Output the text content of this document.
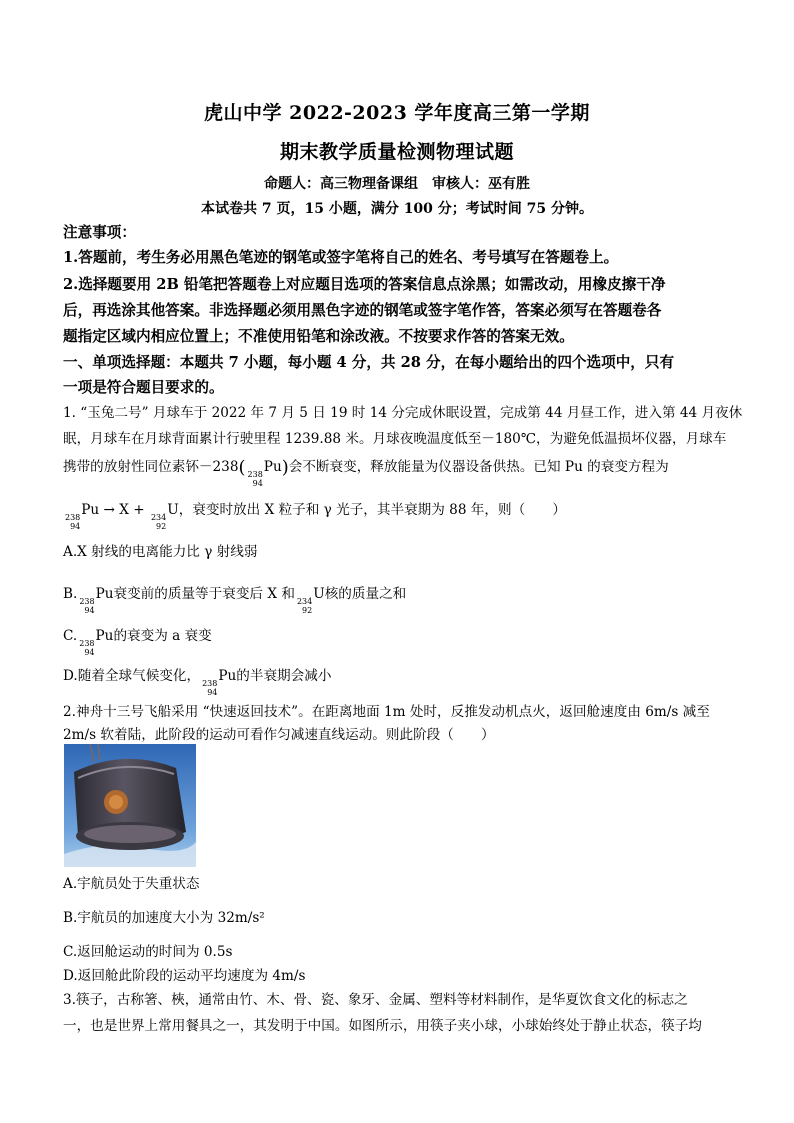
虎山中学 2022-2023 学年度高三第一学期
期末教学质量检测物理试题
命题人：高三物理备课组　审核人：巫有胜
本试卷共 7 页，15 小题，满分 100 分；考试时间 75 分钟。
注意事项：
1.答题前，考生务必用黑色笔迹的钢笔或签字笔将自己的姓名、考号填写在答题卷上。
2.选择题要用 2B 铅笔把答题卷上对应题目选项的答案信息点涂黑；如需改动，用橡皮擦干净
后，再选涂其他答案。非选择题必须用黑色字迹的钢笔或签字笔作答，答案必须写在答题卷各
题指定区域内相应位置上；不准使用铅笔和涂改液。不按要求作答的答案无效。
一、单项选择题：本题共 7 小题，每小题 4 分，共 28 分，在每小题给出的四个选项中，只有
一项是符合题目要求的。
1. “玉兔二号” 月球车于 2022 年 7 月 5 日 19 时 14 分完成休眠设置，完成第 44 月昼工作，进入第 44 月夜休
眠，月球车在月球背面累计行驶里程 1239.88 米。月球夜晚温度低至－180℃，为避免低温损坏仪器，月球车
携带的放射性同位素钚－238( 238
94
Pu)会不断衰变，释放能量为仪器设备供热。已知 Pu 的衰变方程为
238
94
Pu → X + 234
92
U，衰变时放出 X 粒子和 γ 光子，其半衰期为 88 年，则（　　）
A.X 射线的电离能力比 γ 射线弱
B. 238
94
Pu衰变前的质量等于衰变后 X 和 234
92
U核的质量之和
C. 238
94
Pu的衰变为 a 衰变
D.随着全球气候变化， 238
94
Pu的半衰期会减小
2.神舟十三号飞船采用 “快速返回技术”。在距离地面 1m 处时，反推发动机点火，返回舱速度由 6m/s 减至
2m/s 软着陆，此阶段的运动可看作匀减速直线运动。则此阶段（　　）
A.宇航员处于失重状态
B.宇航员的加速度大小为 32m/s²
C.返回舱运动的时间为 0.5s
D.返回舱此阶段的运动平均速度为 4m/s
3.筷子，古称箸、梜，通常由竹、木、骨、瓷、象牙、金属、塑料等材料制作，是华夏饮食文化的标志之
一，也是世界上常用餐具之一，其发明于中国。如图所示，用筷子夹小球，小球始终处于静止状态，筷子均
